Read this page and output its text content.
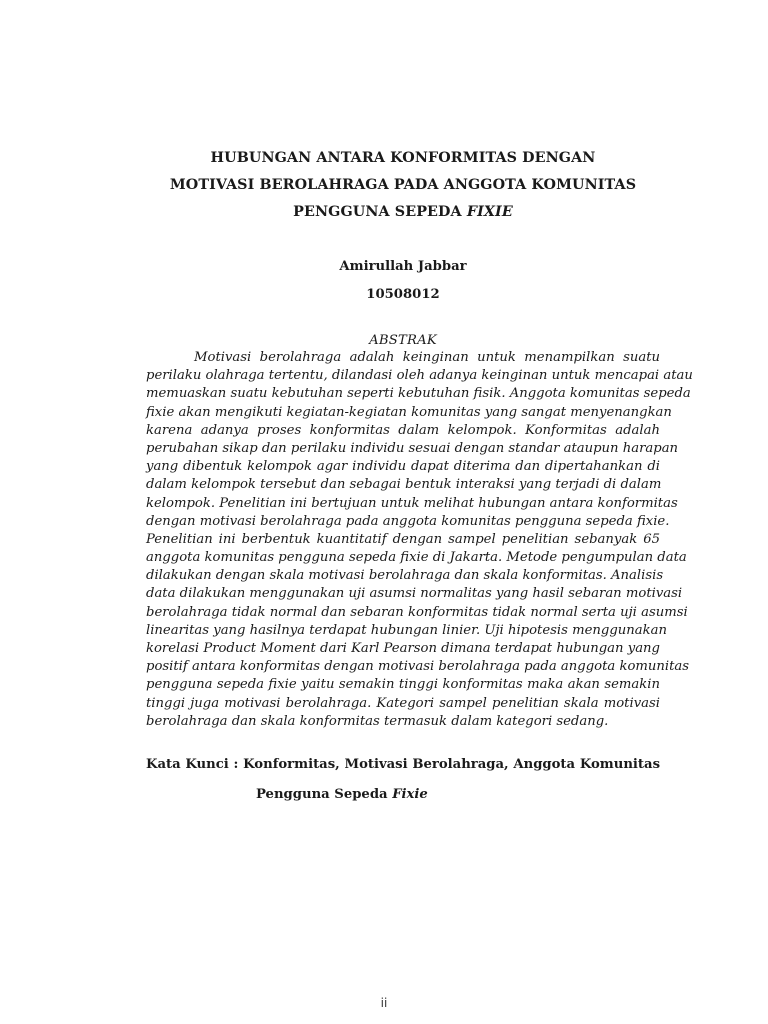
HUBUNGAN ANTARA KONFORMITAS DENGAN
MOTIVASI BEROLAHRAGA PADA ANGGOTA KOMUNITAS
PENGGUNA SEPEDA FIXIE
Amirullah Jabbar
10508012
ABSTRAK
Motivasi berolahraga adalah keinginan untuk menampilkan suatu
perilaku olahraga tertentu, dilandasi oleh adanya keinginan untuk mencapai atau
memuaskan suatu kebutuhan seperti kebutuhan fisik. Anggota komunitas sepeda
fixie akan mengikuti kegiatan-kegiatan komunitas yang sangat menyenangkan
karena adanya proses konformitas dalam kelompok. Konformitas adalah
perubahan sikap dan perilaku individu sesuai dengan standar ataupun harapan
yang dibentuk kelompok agar individu dapat diterima dan dipertahankan di
dalam kelompok tersebut dan sebagai bentuk interaksi yang terjadi di dalam
kelompok. Penelitian ini bertujuan untuk melihat hubungan antara konformitas
dengan motivasi berolahraga pada anggota komunitas pengguna sepeda fixie.
Penelitian ini berbentuk kuantitatif dengan sampel penelitian sebanyak 65
anggota komunitas pengguna sepeda fixie di Jakarta. Metode pengumpulan data
dilakukan dengan skala motivasi berolahraga dan skala konformitas. Analisis
data dilakukan menggunakan uji asumsi normalitas yang hasil sebaran motivasi
berolahraga tidak normal dan sebaran konformitas tidak normal serta uji asumsi
linearitas yang hasilnya terdapat hubungan linier. Uji hipotesis menggunakan
korelasi Product Moment dari Karl Pearson dimana terdapat hubungan yang
positif antara konformitas dengan motivasi berolahraga pada anggota komunitas
pengguna sepeda fixie yaitu semakin tinggi konformitas maka akan semakin
tinggi juga motivasi berolahraga. Kategori sampel penelitian skala motivasi
berolahraga dan skala konformitas termasuk dalam kategori sedang.
Kata Kunci : Konformitas, Motivasi Berolahraga, Anggota Komunitas
Pengguna Sepeda Fixie
ii
